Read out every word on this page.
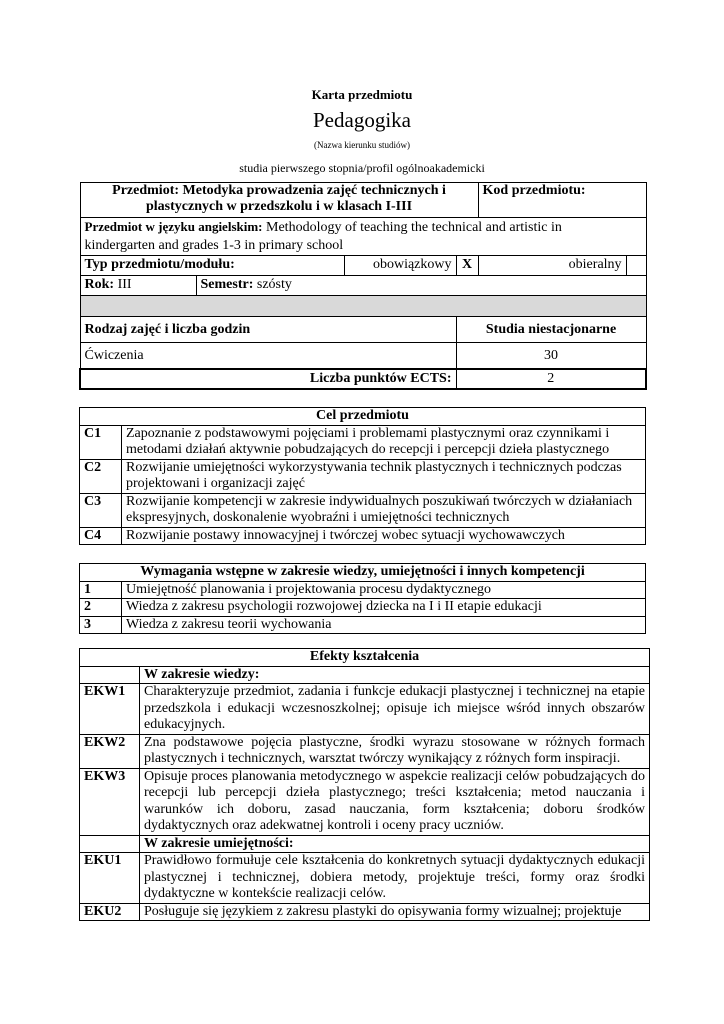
Karta przedmiotu
Pedagogika
(Nazwa kierunku studiów)
studia pierwszego stopnia/profil ogólnoakademicki
Przedmiot: Metodyka prowadzenia zajęć technicznych i
plastycznych w przedszkolu i w klasach I-III				Kod przedmiotu:	
Przedmiot w języku angielskim: Methodology of teaching the technical and artistic in
kindergarten and grades 1-3 in primary school					
Typ przedmiotu/modułu:		obowiązkowy	X	obieralny	
Rok: III	Semestr: szósty				

Rodzaj zajęć i liczba godzin			Studia niestacjonarne		
Ćwiczenia			30		
Liczba punktów ECTS:			2		
Cel przedmiotu	
C1	Zapoznanie z podstawowymi pojęciami i problemami plastycznymi oraz czynnikami i metodami działań aktywnie pobudzających do recepcji i percepcji dzieła plastycznego
C2	Rozwijanie umiejętności wykorzystywania technik plastycznych i technicznych podczas projektowani i organizacji zajęć
C3	Rozwijanie kompetencji w zakresie indywidualnych poszukiwań twórczych w działaniach ekspresyjnych, doskonalenie wyobraźni i umiejętności technicznych
C4	Rozwijanie postawy innowacyjnej i twórczej wobec sytuacji wychowawczych
Wymagania wstępne w zakresie wiedzy, umiejętności i innych kompetencji	
1	Umiejętność planowania i projektowania procesu dydaktycznego
2	Wiedza z zakresu psychologii rozwojowej dziecka na I i II etapie edukacji
3	Wiedza z zakresu teorii wychowania
Efekty kształcenia	
	W zakresie wiedzy:
EKW1	Charakteryzuje przedmiot, zadania i funkcje edukacji plastycznej i technicznej na etapie przedszkola i edukacji wczesnoszkolnej; opisuje ich miejsce wśród innych obszarów edukacyjnych.
EKW2	Zna podstawowe pojęcia plastyczne, środki wyrazu stosowane w różnych formach plastycznych i technicznych, warsztat twórczy wynikający z różnych form inspiracji.
EKW3	Opisuje proces planowania metodycznego w aspekcie realizacji celów pobudzających do recepcji lub percepcji dzieła plastycznego; treści kształcenia; metod nauczania i warunków ich doboru, zasad nauczania, form kształcenia; doboru środków dydaktycznych oraz adekwatnej kontroli i oceny pracy uczniów.
	W zakresie umiejętności:
EKU1	Prawidłowo formułuje cele kształcenia do konkretnych sytuacji dydaktycznych edukacji plastycznej i technicznej, dobiera metody, projektuje treści, formy oraz środki dydaktyczne w kontekście realizacji celów.
EKU2	Posługuje się językiem z zakresu plastyki do opisywania formy wizualnej; projektuje
